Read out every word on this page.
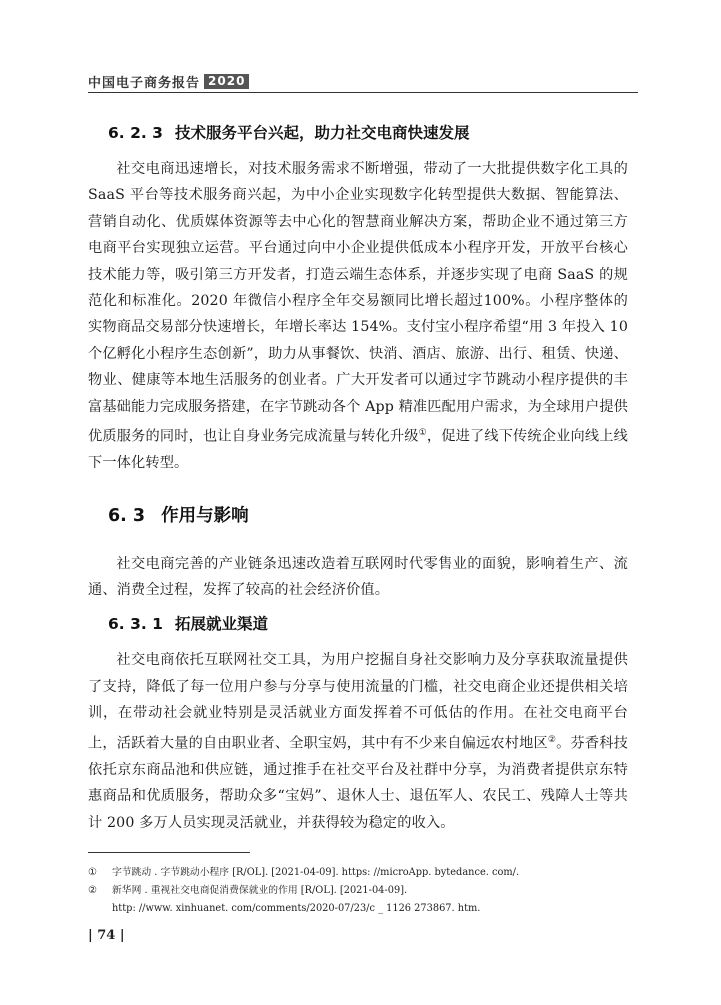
中国电子商务报告 2020
6. 2. 3 技术服务平台兴起，助力社交电商快速发展

社交电商迅速增长，对技术服务需求不断增强，带动了一大批提供数字化工具的 SaaS 平台等技术服务商兴起，为中小企业实现数字化转型提供大数据、智能算法、营销自动化、优质媒体资源等去中心化的智慧商业解决方案，帮助企业不通过第三方电商平台实现独立运营。平台通过向中小企业提供低成本小程序开发，开放平台核心技术能力等，吸引第三方开发者，打造云端生态体系，并逐步实现了电商 SaaS 的规范化和标准化。2020 年微信小程序全年交易额同比增长超过100%。小程序整体的实物商品交易部分快速增长，年增长率达 154%。支付宝小程序希望“用 3 年投入 10 个亿孵化小程序生态创新”，助力从事餐饮、快消、酒店、旅游、出行、租赁、快递、物业、健康等本地生活服务的创业者。广大开发者可以通过字节跳动小程序提供的丰富基础能力完成服务搭建，在字节跳动各个 App 精准匹配用户需求，为全球用户提供优质服务的同时，也让自身业务完成流量与转化升级①，促进了线下传统企业向线上线下一体化转型。

6. 3 作用与影响

社交电商完善的产业链条迅速改造着互联网时代零售业的面貌，影响着生产、流通、消费全过程，发挥了较高的社会经济价值。

6. 3. 1 拓展就业渠道

社交电商依托互联网社交工具，为用户挖掘自身社交影响力及分享获取流量提供了支持，降低了每一位用户参与分享与使用流量的门槛，社交电商企业还提供相关培训，在带动社会就业特别是灵活就业方面发挥着不可低估的作用。在社交电商平台上，活跃着大量的自由职业者、全职宝妈，其中有不少来自偏远农村地区②。芬香科技依托京东商品池和供应链，通过推手在社交平台及社群中分享，为消费者提供京东特惠商品和优质服务，帮助众多“宝妈”、退休人士、退伍军人、农民工、残障人士等共计 200 多万人员实现灵活就业，并获得较为稳定的收入。

① 字节跳动 . 字节跳动小程序 [R/OL]. [2021-04-09]. https: //microApp. bytedance. com/.
② 新华网 . 重视社交电商促消费保就业的作用 [R/OL]. [2021-04-09].
http: //www. xinhuanet. com/comments/2020-07/23/c _ 1126 273867. htm.
| 74 |
